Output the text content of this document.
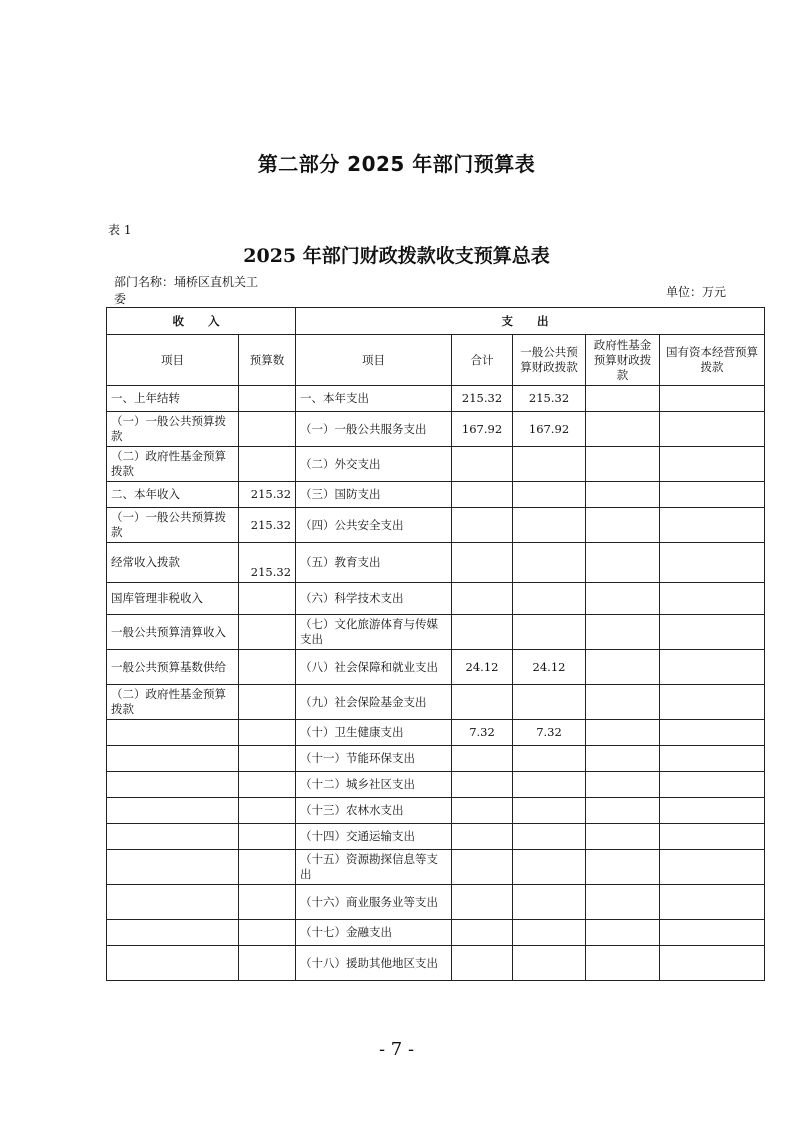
第二部分 2025 年部门预算表
表 1
2025 年部门财政拨款收支预算总表
部门名称：埇桥区直机关工委	单位：万元
收 入		支 出				
项目	预算数	项目	合计	一般公共预算财政拨款	政府性基金预算财政拨款	国有资本经营预算拨款
一、上年结转		一、本年支出	215.32	215.32		
（一）一般公共预算拨款		（一）一般公共服务支出	167.92	167.92		
（二）政府性基金预算拨款		（二）外交支出				
二、本年收入	215.32	（三）国防支出				
（一）一般公共预算拨款	215.32	（四）公共安全支出				
经常收入拨款	215.32	（五）教育支出				
国库管理非税收入		（六）科学技术支出				
一般公共预算清算收入		（七）文化旅游体育与传媒支出				
一般公共预算基数供给		（八）社会保障和就业支出	24.12	24.12		
（二）政府性基金预算拨款		（九）社会保险基金支出				
		（十）卫生健康支出	7.32	7.32		
		（十一）节能环保支出				
		（十二）城乡社区支出				
		（十三）农林水支出				
		（十四）交通运输支出				
		（十五）资源勘探信息等支出				
		（十六）商业服务业等支出				
		（十七）金融支出				
		（十八）援助其他地区支出				
- 7 -
